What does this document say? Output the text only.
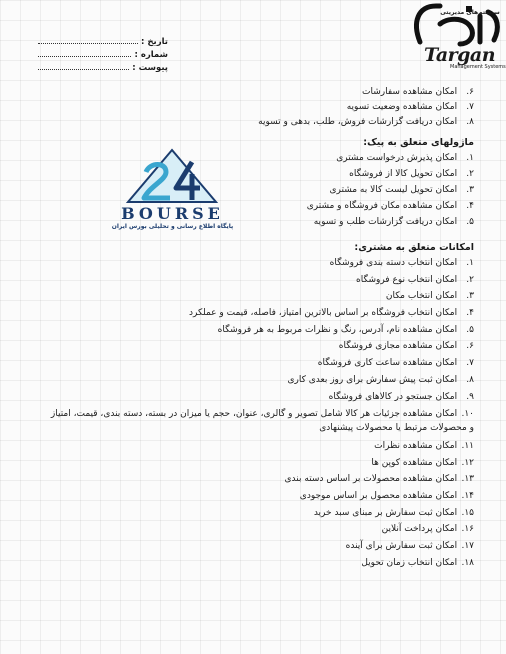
تاریخ :
شماره :
پیوست :
سیستم‌های مدیریتی
Targan
Management Systems
BOURSE
پایگاه اطلاع رسانی و تحلیلی بورس ایران
۶. امکان مشاهده سفارشات
۷. امکان مشاهده وضعیت تسویه
۸. امکان دریافت گزارشات فروش، طلب، بدهی و تسویه
ماژولهای متعلق به پیک:
۱. امکان پذیرش درخواست مشتری
۲. امکان تحویل کالا از فروشگاه
۳. امکان تحویل لیست کالا به مشتری
۴. امکان مشاهده مکان فروشگاه و مشتری
۵. امکان دریافت گزارشات طلب و تسویه
امکانات متعلق به مشتری:
۱. امکان انتخاب دسته بندی فروشگاه
۲. امکان انتخاب نوع فروشگاه
۳. امکان انتخاب مکان
۴. امکان انتخاب فروشگاه بر اساس بالاترین امتیاز، فاصله، قیمت و عملکرد
۵. امکان مشاهده نام، آدرس، رنگ و نظرات مربوط به هر فروشگاه
۶. امکان مشاهده مجازی فروشگاه
۷. امکان مشاهده ساعت کاری فروشگاه
۸. امکان ثبت پیش سفارش برای روز بعدی کاری
۹. امکان جستجو در کالاهای فروشگاه
۱۰. امکان مشاهده جزئیات هر کالا شامل تصویر و گالری، عنوان، حجم یا میزان در بسته، دسته بندی، قیمت، امتیاز و محصولات مرتبط یا محصولات پیشنهادی
۱۱. امکان مشاهده نظرات
۱۲. امکان مشاهده کوپن ها
۱۳. امکان مشاهده محصولات بر اساس دسته بندی
۱۴. امکان مشاهده محصول بر اساس موجودی
۱۵. امکان ثبت سفارش بر مبنای سبد خرید
۱۶. امکان پرداخت آنلاین
۱۷. امکان ثبت سفارش برای آینده
۱۸. امکان انتخاب زمان تحویل
